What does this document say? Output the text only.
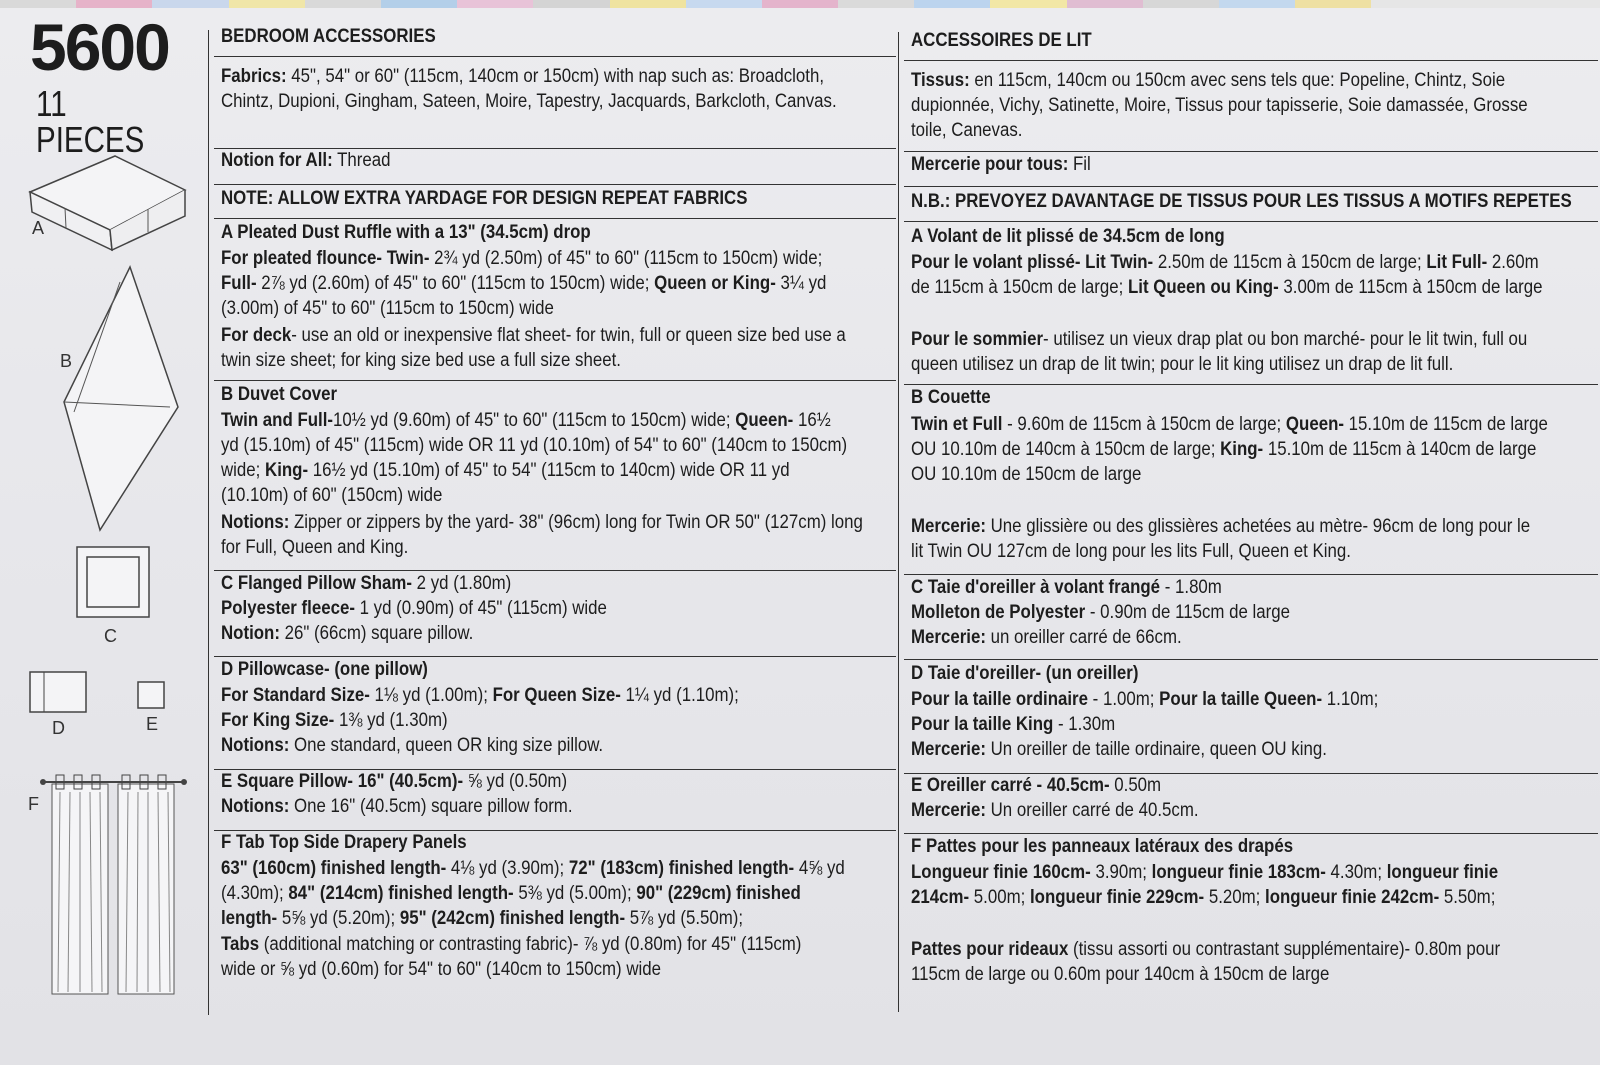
5600
11 PIECES
A
B
C
D	E
F
BEDROOM ACCESSORIES
Fabrics: 45", 54" or 60" (115cm, 140cm or 150cm) with nap such as: Broadcloth,
Chintz, Dupioni, Gingham, Sateen, Moire, Tapestry, Jacquards, Barkcloth, Canvas.
Notion for All: Thread
NOTE: ALLOW EXTRA YARDAGE FOR DESIGN REPEAT FABRICS
A Pleated Dust Ruffle with a 13" (34.5cm) drop
For pleated flounce- Twin- 2¾ yd (2.50m) of 45" to 60" (115cm to 150cm) wide;
Full- 2⅞ yd (2.60m) of 45" to 60" (115cm to 150cm) wide; Queen or King- 3¼ yd
(3.00m) of 45" to 60" (115cm to 150cm) wide
For deck- use an old or inexpensive flat sheet- for twin, full or queen size bed use a
twin size sheet; for king size bed use a full size sheet.
B Duvet Cover
Twin and Full-10½ yd (9.60m) of 45" to 60" (115cm to 150cm) wide; Queen- 16½
yd (15.10m) of 45" (115cm) wide OR 11 yd (10.10m) of 54" to 60" (140cm to 150cm)
wide; King- 16½ yd (15.10m) of 45" to 54" (115cm to 140cm) wide OR 11 yd
(10.10m) of 60" (150cm) wide
Notions: Zipper or zippers by the yard- 38" (96cm) long for Twin OR 50" (127cm) long
for Full, Queen and King.
C Flanged Pillow Sham- 2 yd (1.80m)
Polyester fleece- 1 yd (0.90m) of 45" (115cm) wide
Notion: 26" (66cm) square pillow.
D Pillowcase- (one pillow)
For Standard Size- 1⅛ yd (1.00m); For Queen Size- 1¼ yd (1.10m);
For King Size- 1⅜ yd (1.30m)
Notions: One standard, queen OR king size pillow.
E Square Pillow- 16" (40.5cm)- ⅝ yd (0.50m)
Notions: One 16" (40.5cm) square pillow form.
F Tab Top Side Drapery Panels
63" (160cm) finished length- 4⅛ yd (3.90m); 72" (183cm) finished length- 4⅝ yd
(4.30m); 84" (214cm) finished length- 5⅜ yd (5.00m); 90" (229cm) finished
length- 5⅝ yd (5.20m); 95" (242cm) finished length- 5⅞ yd (5.50m);
Tabs (additional matching or contrasting fabric)- ⅞ yd (0.80m) for 45" (115cm)
wide or ⅝ yd (0.60m) for 54" to 60" (140cm to 150cm) wide
ACCESSOIRES DE LIT
Tissus: en 115cm, 140cm ou 150cm avec sens tels que: Popeline, Chintz, Soie
dupionnée, Vichy, Satinette, Moire, Tissus pour tapisserie, Soie damassée, Grosse
toile, Canevas.
Mercerie pour tous: Fil
N.B.: PREVOYEZ DAVANTAGE DE TISSUS POUR LES TISSUS A MOTIFS REPETES
A Volant de lit plissé de 34.5cm de long
Pour le volant plissé- Lit Twin- 2.50m de 115cm à 150cm de large; Lit Full- 2.60m
de 115cm à 150cm de large; Lit Queen ou King- 3.00m de 115cm à 150cm de large
Pour le sommier- utilisez un vieux drap plat ou bon marché- pour le lit twin, full ou
queen utilisez un drap de lit twin; pour le lit king utilisez un drap de lit full.
B Couette
Twin et Full - 9.60m de 115cm à 150cm de large; Queen- 15.10m de 115cm de large
OU 10.10m de 140cm à 150cm de large; King- 15.10m de 115cm à 140cm de large
OU 10.10m de 150cm de large
Mercerie: Une glissière ou des glissières achetées au mètre- 96cm de long pour le
lit Twin OU 127cm de long pour les lits Full, Queen et King.
C Taie d'oreiller à volant frangé - 1.80m
Molleton de Polyester - 0.90m de 115cm de large
Mercerie: un oreiller carré de 66cm.
D Taie d'oreiller- (un oreiller)
Pour la taille ordinaire - 1.00m; Pour la taille Queen- 1.10m;
Pour la taille King - 1.30m
Mercerie: Un oreiller de taille ordinaire, queen OU king.
E Oreiller carré - 40.5cm- 0.50m
Mercerie: Un oreiller carré de 40.5cm.
F Pattes pour les panneaux latéraux des drapés
Longueur finie 160cm- 3.90m; longueur finie 183cm- 4.30m; longueur finie
214cm- 5.00m; longueur finie 229cm- 5.20m; longueur finie 242cm- 5.50m;
Pattes pour rideaux (tissu assorti ou contrastant supplémentaire)- 0.80m pour
115cm de large ou 0.60m pour 140cm à 150cm de large
